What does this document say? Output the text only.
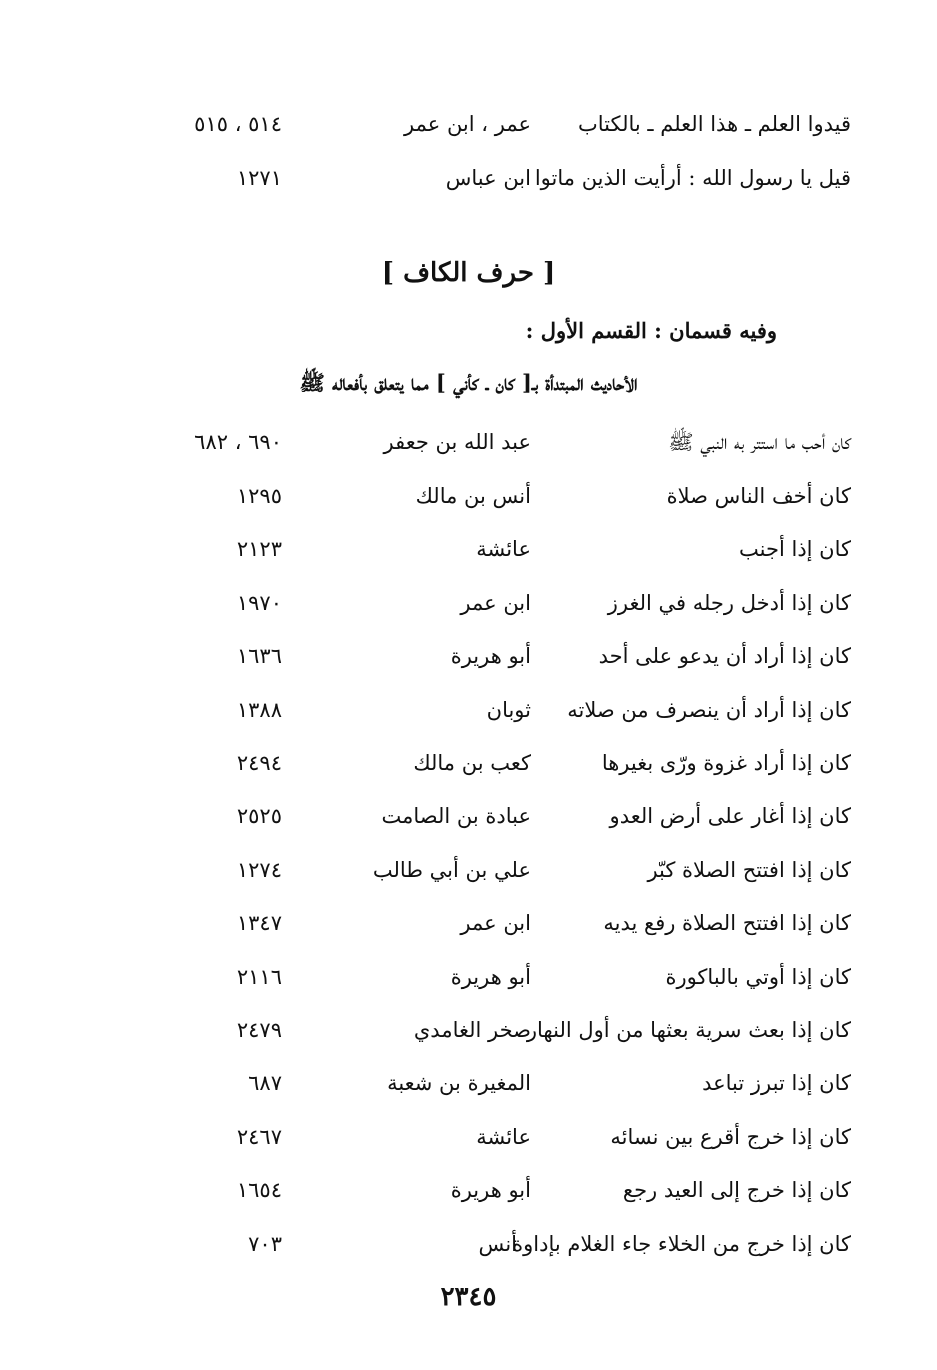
قيدوا العلم ـ هذا العلم ـ بالكتاب
عمر ، ابن عمر
٥١٤ ، ٥١٥
قيل يا رسول الله : أرأيت الذين ماتوا
ابن عباس
١٢٧١
[ حرف الكاف ]
وفيه قسمان : القسم الأول :
الأحاديث المبتدأة بـ[ كان ـ كأني ] مما يتعلق بأفعاله ﷺ
كان أحب ما استتر به النبي ﷺ
عبد الله بن جعفر
٦٩٠ ، ٦٨٢
كان أخف الناس صلاة
أنس بن مالك
١٢٩٥
كان إذا أجنب
عائشة
٢١٢٣
كان إذا أدخل رجله في الغرز
ابن عمر
١٩٧٠
كان إذا أراد أن يدعو على أحد
أبو هريرة
١٦٣٦
كان إذا أراد أن ينصرف من صلاته
ثوبان
١٣٨٨
كان إذا أراد غزوة ورّى بغيرها
كعب بن مالك
٢٤٩٤
كان إذا أغار على أرض العدو
عبادة بن الصامت
٢٥٢٥
كان إذا افتتح الصلاة كبّر
علي بن أبي طالب
١٢٧٤
كان إذا افتتح الصلاة رفع يديه
ابن عمر
١٣٤٧
كان إذا أوتي بالباكورة
أبو هريرة
٢١١٦
كان إذا بعث سرية بعثها من أول النهار
صخر الغامدي
٢٤٧٩
كان إذا تبرز تباعد
المغيرة بن شعبة
٦٨٧
كان إذا خرج أقرع بين نسائه
عائشة
٢٤٦٧
كان إذا خرج إلى العيد رجع
أبو هريرة
١٦٥٤
كان إذا خرج من الخلاء جاء الغلام بإداوة
أنس
٧٠٣
٢٣٤٥
